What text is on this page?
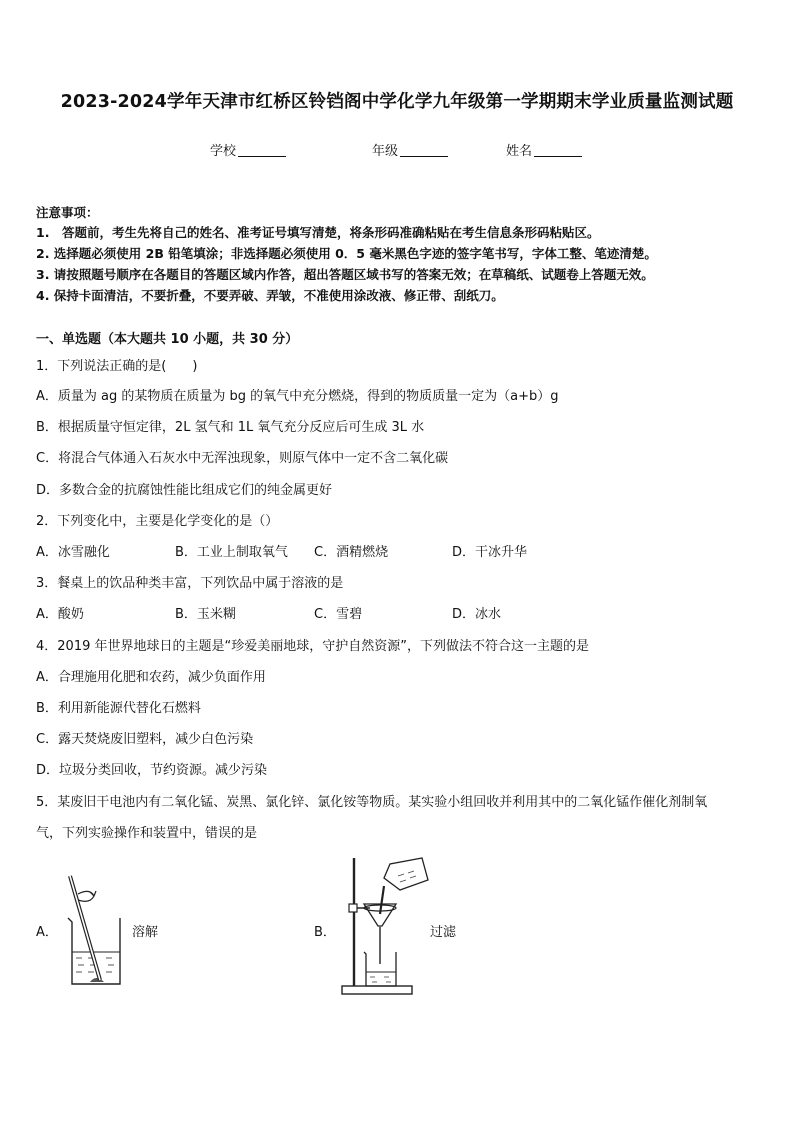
2023-2024学年天津市红桥区铃铛阁中学化学九年级第一学期期末学业质量监测试题
学校	年级	姓名
注意事项：
1.　答题前，考生先将自己的姓名、准考证号填写清楚，将条形码准确粘贴在考生信息条形码粘贴区。
2. 选择题必须使用 2B 铅笔填涂；非选择题必须使用 0．5 毫米黑色字迹的签字笔书写，字体工整、笔迹清楚。
3. 请按照题号顺序在各题目的答题区域内作答，超出答题区域书写的答案无效；在草稿纸、试题卷上答题无效。
4. 保持卡面清洁，不要折叠，不要弄破、弄皱，不准使用涂改液、修正带、刮纸刀。
一、单选题（本大题共 10 小题，共 30 分）
1．下列说法正确的是(　　)
A．质量为 ag 的某物质在质量为 bg 的氧气中充分燃烧，得到的物质质量一定为（a+b）g
B．根据质量守恒定律，2L 氢气和 1L 氧气充分反应后可生成 3L 水
C．将混合气体通入石灰水中无浑浊现象，则原气体中一定不含二氧化碳
D．多数合金的抗腐蚀性能比组成它们的纯金属更好
2．下列变化中，主要是化学变化的是（）
A．冰雪融化	B．工业上制取氧气 C．酒精燃烧	D．干冰升华
3．餐桌上的饮品种类丰富，下列饮品中属于溶液的是
A．酸奶	B．玉米糊	C．雪碧	D．冰水
4．2019 年世界地球日的主题是“珍爱美丽地球，守护自然资源”，下列做法不符合这一主题的是
A．合理施用化肥和农药，减少负面作用
B．利用新能源代替化石燃料
C．露天焚烧废旧塑料，减少白色污染
D．垃圾分类回收，节约资源。减少污染
5．某废旧干电池内有二氧化锰、炭黑、氯化锌、氯化铵等物质。某实验小组回收并利用其中的二氧化锰作催化剂制氧
气，下列实验操作和装置中，错误的是
A．	溶解	B．	过滤
